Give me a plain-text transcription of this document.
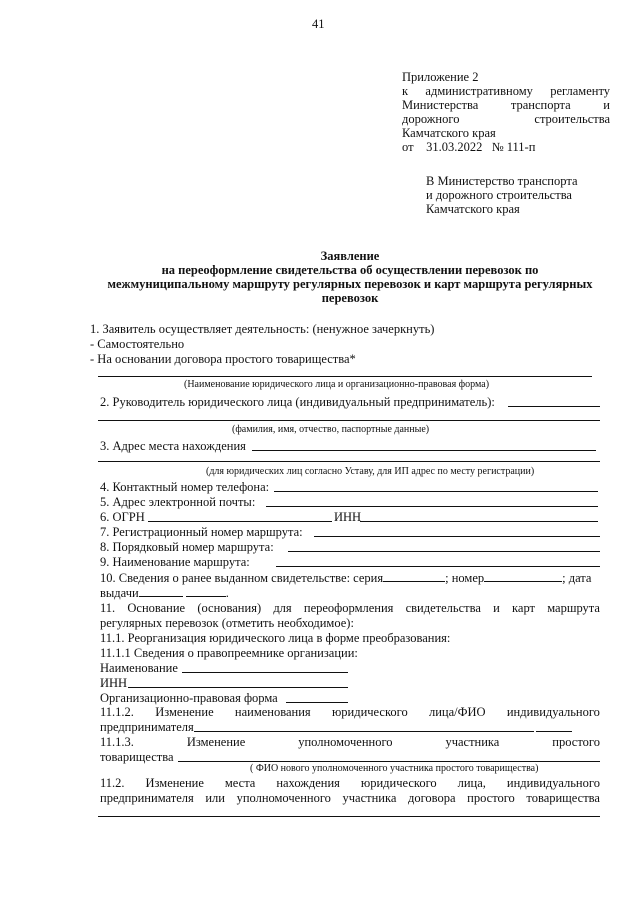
41
Приложение 2
к административному регламенту
Министерства	транспорта	и
дорожного	строительства
Камчатского края
от 31.03.2022 № 111-п
В Министерство транспорта
и дорожного строительства
Камчатского края
Заявление
на переоформление свидетельства об осуществлении перевозок по
межмуниципальному маршруту регулярных перевозок и карт маршрута регулярных
перевозок
1. Заявитель осуществляет деятельность: (ненужное зачеркнуть)
- Самостоятельно
- На основании договора простого товарищества*
(Наименование юридического лица и организационно-правовая форма)
2. Руководитель юридического лица (индивидуальный предприниматель):
(фамилия, имя, отчество, паспортные данные)
3. Адрес места нахождения
(для юридических лиц согласно Уставу, для ИП адрес по месту регистрации)
4. Контактный номер телефона:
5. Адрес электронной почты:
6. ОГРН	ИНН
7. Регистрационный номер маршрута:
8. Порядковый номер маршрута:
9. Наименование маршрута:
10. Сведения о ранее выданном свидетельстве: серия	; номер	; дата
выдачи	.
11. Основание (основания) для переоформления свидетельства и карт маршрута
регулярных перевозок (отметить необходимое):
11.1. Реорганизация юридического лица в форме преобразования:
11.1.1 Сведения о правопреемнике организации:
Наименование
ИНН
Организационно-правовая форма
11.1.2. Изменение наименования юридического лица/ФИО индивидуального
предпринимателя
11.1.3.	Изменение	уполномоченного	участника	простого
товарищества
( ФИО нового уполномоченного участника простого товарищества)
11.2. Изменение места нахождения юридического лица, индивидуального
предпринимателя или уполномоченного участника договора простого товарищества
